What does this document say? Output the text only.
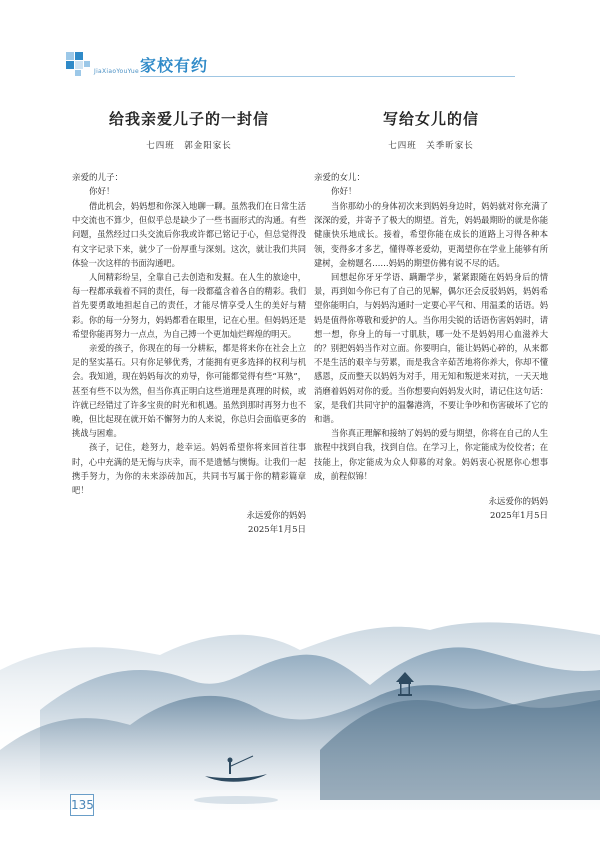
JiaXiaoYouYue 家校有约

给我亲爱儿子的一封信

七四班　郭金阳家长

亲爱的儿子：

你好！

借此机会，妈妈想和你深入地聊一聊。虽然我们在日常生活中交流也不算少，但似乎总是缺少了一些书面形式的沟通。有些问题，虽然经过口头交流后你我或许都已铭记于心，但总觉得没有文字记录下来，就少了一份厚重与深刻。这次，就让我们共同体验一次这样的书面沟通吧。

人间精彩纷呈，全靠自己去创造和发掘。在人生的旅途中，每一程都承载着不同的责任，每一段都蕴含着各自的精彩。我们首先要勇敢地担起自己的责任，才能尽情享受人生的美好与精彩。你的每一分努力，妈妈都看在眼里，记在心里。但妈妈还是希望你能再努力一点点，为自己搏一个更加灿烂辉煌的明天。

亲爱的孩子，你现在的每一分耕耘，都是将来你在社会上立足的坚实基石。只有你足够优秀，才能拥有更多选择的权利与机会。我知道，现在妈妈每次的劝导，你可能都觉得有些“耳熟”，甚至有些不以为然，但当你真正明白这些道理是真理的时候，或许就已经错过了许多宝贵的时光和机遇。虽然到那时再努力也不晚，但比起现在就开始不懈努力的人来说，你总归会面临更多的挑战与困难。

孩子，记住，趁努力，趁幸运。妈妈希望你将来回首往事时，心中充满的是无悔与庆幸，而不是遗憾与懊悔。让我们一起携手努力，为你的未来添砖加瓦，共同书写属于你的精彩篇章吧！

永远爱你的妈妈

2025年1月5日

写给女儿的信

七四班　关季昕家长

亲爱的女儿：

你好！

当你那幼小的身体初次来到妈妈身边时，妈妈就对你充满了深深的爱，并寄予了极大的期望。首先，妈妈最期盼的就是你能健康快乐地成长。接着，希望你能在成长的道路上习得各种本领，变得多才多艺，懂得尊老爱幼，更渴望你在学业上能够有所建树，金榜题名……妈妈的期望仿佛有说不尽的话。

回想起你牙牙学语、蹒跚学步，紧紧跟随在妈妈身后的情景，再到如今你已有了自己的见解，偶尔还会反驳妈妈，妈妈希望你能明白，与妈妈沟通时一定要心平气和、用温柔的话语。妈妈是值得你尊敬和爱护的人。当你用尖锐的话语伤害妈妈时，请想一想，你身上的每一寸肌肤，哪一处不是妈妈用心血滋养大的？别把妈妈当作对立面。你要明白，能让妈妈心碎的，从来都不是生活的艰辛与劳累，而是我含辛茹苦地将你养大，你却不懂感恩，反而整天以妈妈为对手，用无知和叛逆来对抗，一天天地消磨着妈妈对你的爱。当你想要向妈妈发火时，请记住这句话：家，是我们共同守护的温馨港湾，不要让争吵和伤害破坏了它的和谐。

当你真正理解和接纳了妈妈的爱与期望，你将在自己的人生旅程中找到自我，找到自信。在学习上，你定能成为佼佼者；在技能上，你定能成为众人仰慕的对象。妈妈衷心祝愿你心想事成，前程似锦！

永远爱你的妈妈

2025年1月5日

135
